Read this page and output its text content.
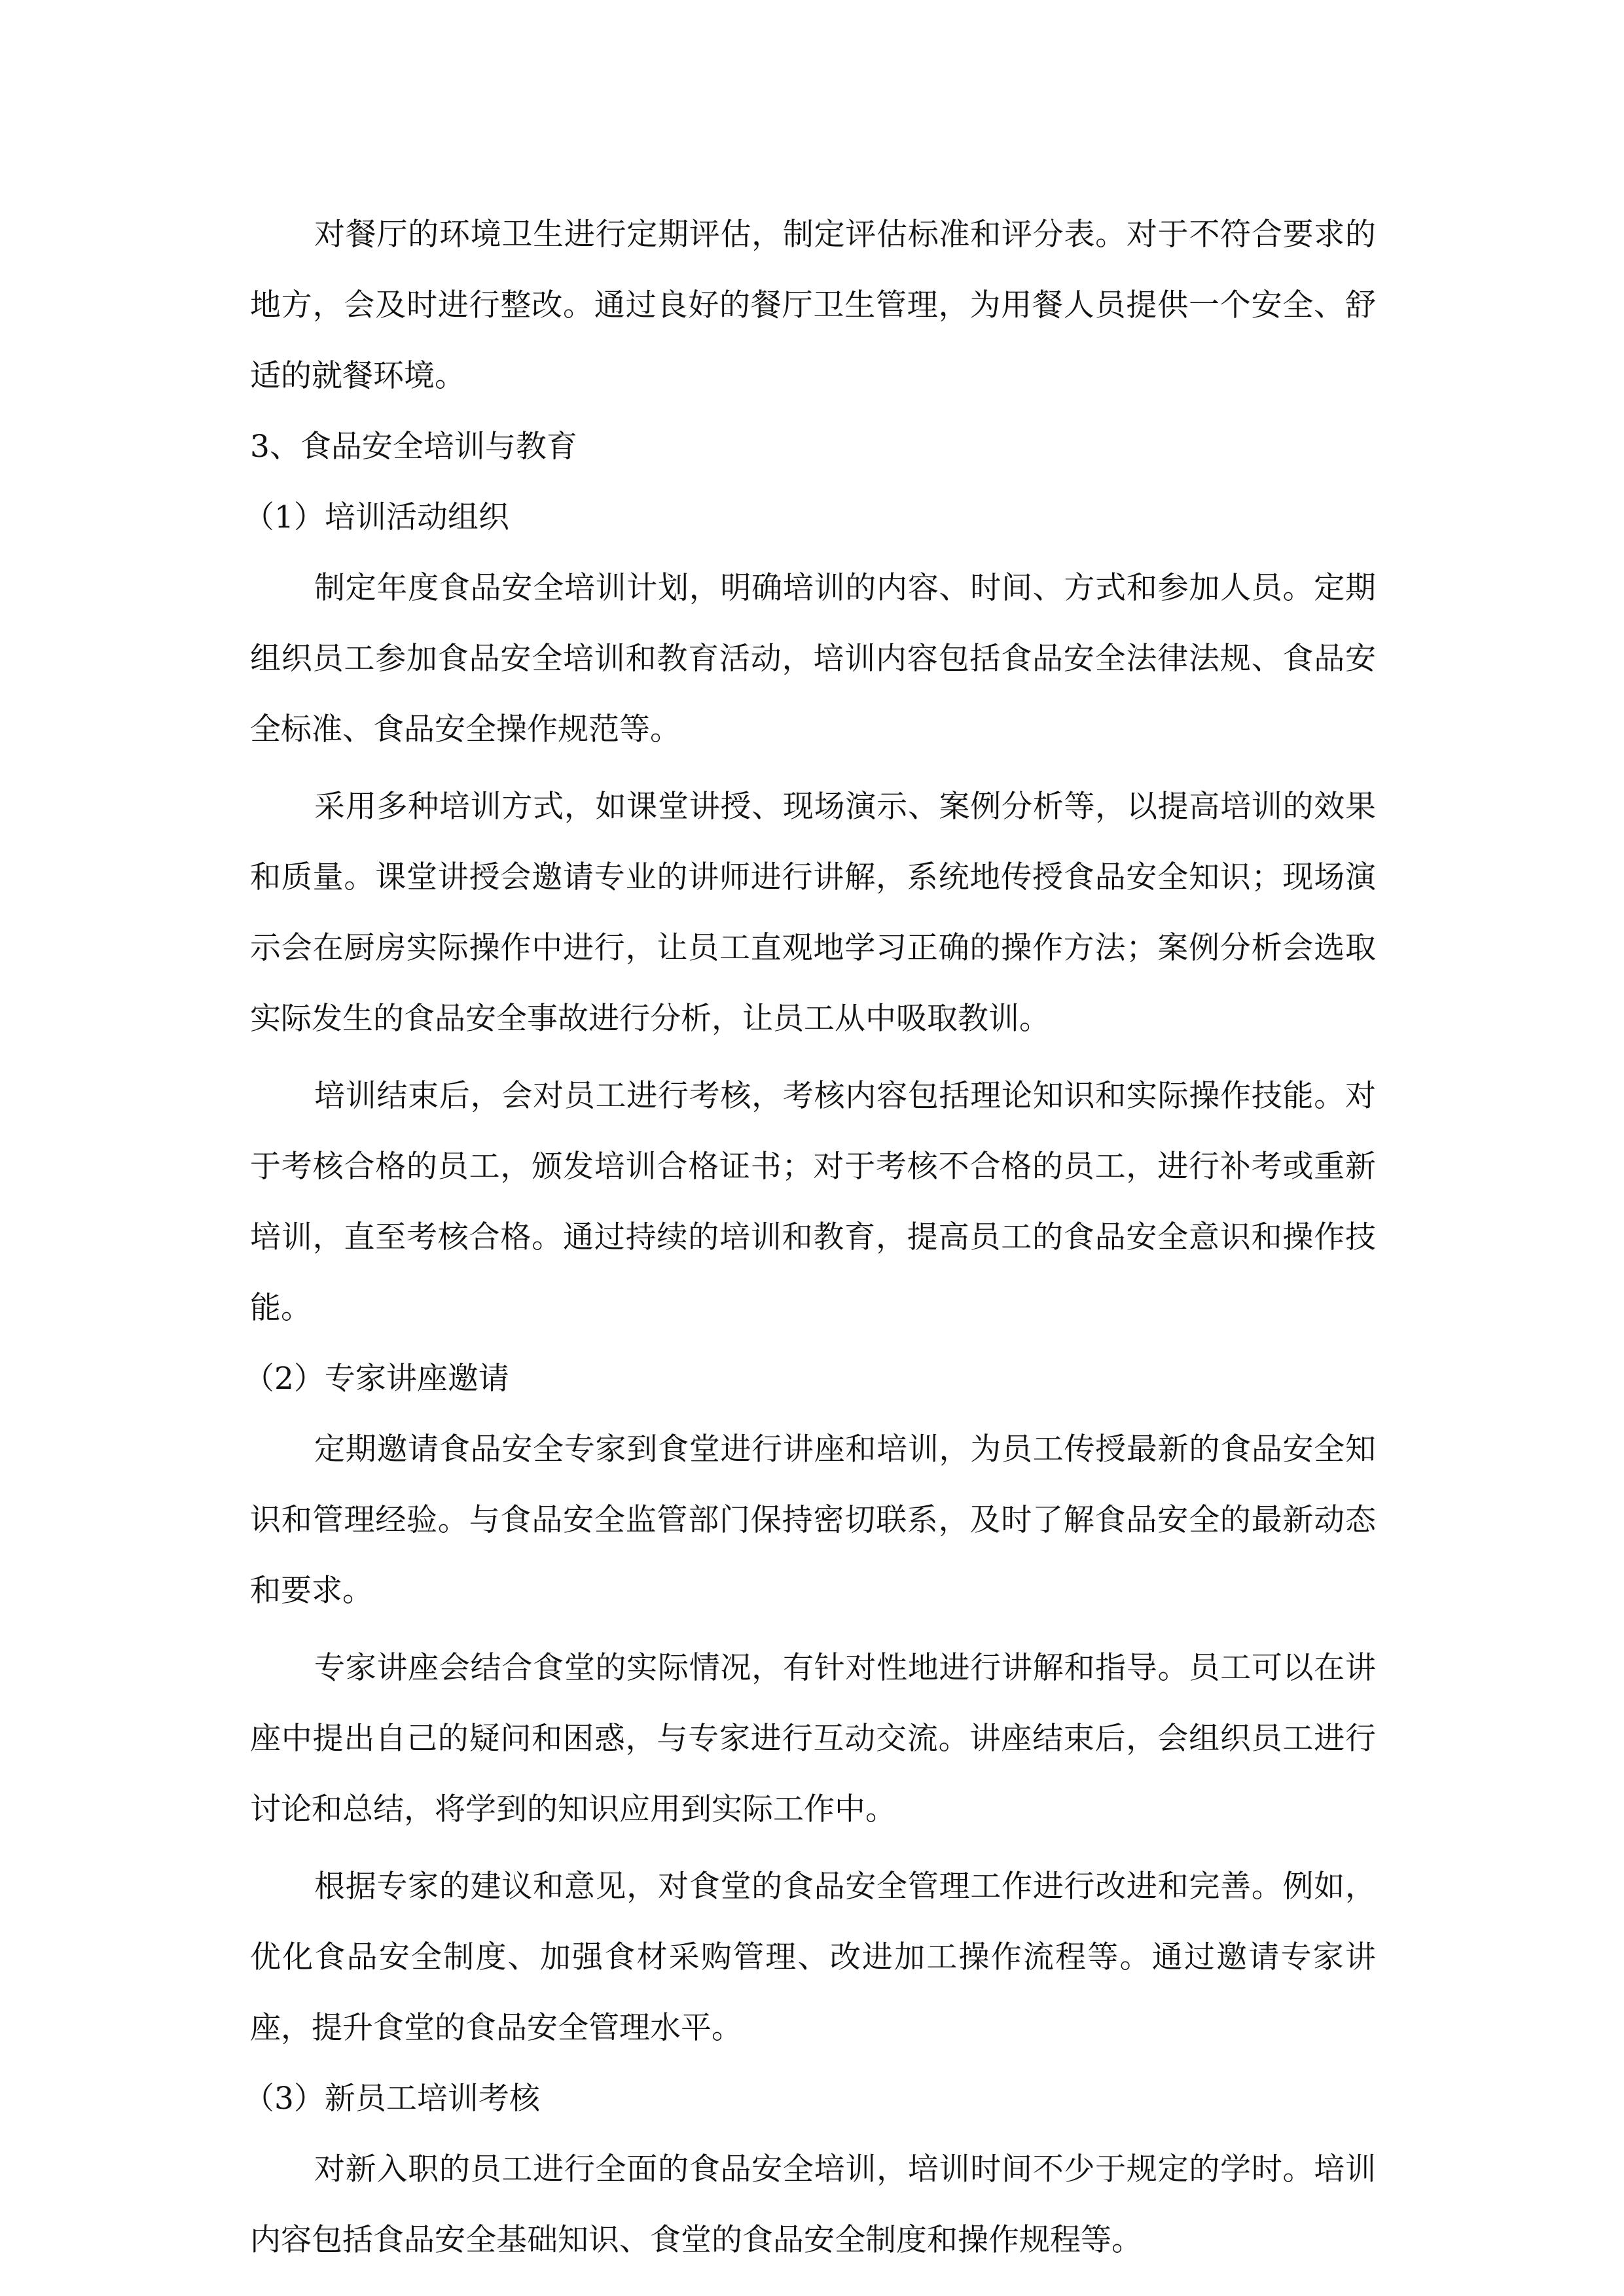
对餐厅的环境卫生进行定期评估，制定评估标准和评分表。对于不符合要求的地方，会及时进行整改。通过良好的餐厅卫生管理，为用餐人员提供一个安全、舒适的就餐环境。

3、食品安全培训与教育

（1）培训活动组织

制定年度食品安全培训计划，明确培训的内容、时间、方式和参加人员。定期组织员工参加食品安全培训和教育活动，培训内容包括食品安全法律法规、食品安全标准、食品安全操作规范等。

采用多种培训方式，如课堂讲授、现场演示、案例分析等，以提高培训的效果和质量。课堂讲授会邀请专业的讲师进行讲解，系统地传授食品安全知识；现场演示会在厨房实际操作中进行，让员工直观地学习正确的操作方法；案例分析会选取实际发生的食品安全事故进行分析，让员工从中吸取教训。

培训结束后，会对员工进行考核，考核内容包括理论知识和实际操作技能。对于考核合格的员工，颁发培训合格证书；对于考核不合格的员工，进行补考或重新培训，直至考核合格。通过持续的培训和教育，提高员工的食品安全意识和操作技能。

（2）专家讲座邀请

定期邀请食品安全专家到食堂进行讲座和培训，为员工传授最新的食品安全知识和管理经验。与食品安全监管部门保持密切联系，及时了解食品安全的最新动态和要求。

专家讲座会结合食堂的实际情况，有针对性地进行讲解和指导。员工可以在讲座中提出自己的疑问和困惑，与专家进行互动交流。讲座结束后，会组织员工进行讨论和总结，将学到的知识应用到实际工作中。

根据专家的建议和意见，对食堂的食品安全管理工作进行改进和完善。例如，优化食品安全制度、加强食材采购管理、改进加工操作流程等。通过邀请专家讲座，提升食堂的食品安全管理水平。

（3）新员工培训考核

对新入职的员工进行全面的食品安全培训，培训时间不少于规定的学时。培训内容包括食品安全基础知识、食堂的食品安全制度和操作规程等。
